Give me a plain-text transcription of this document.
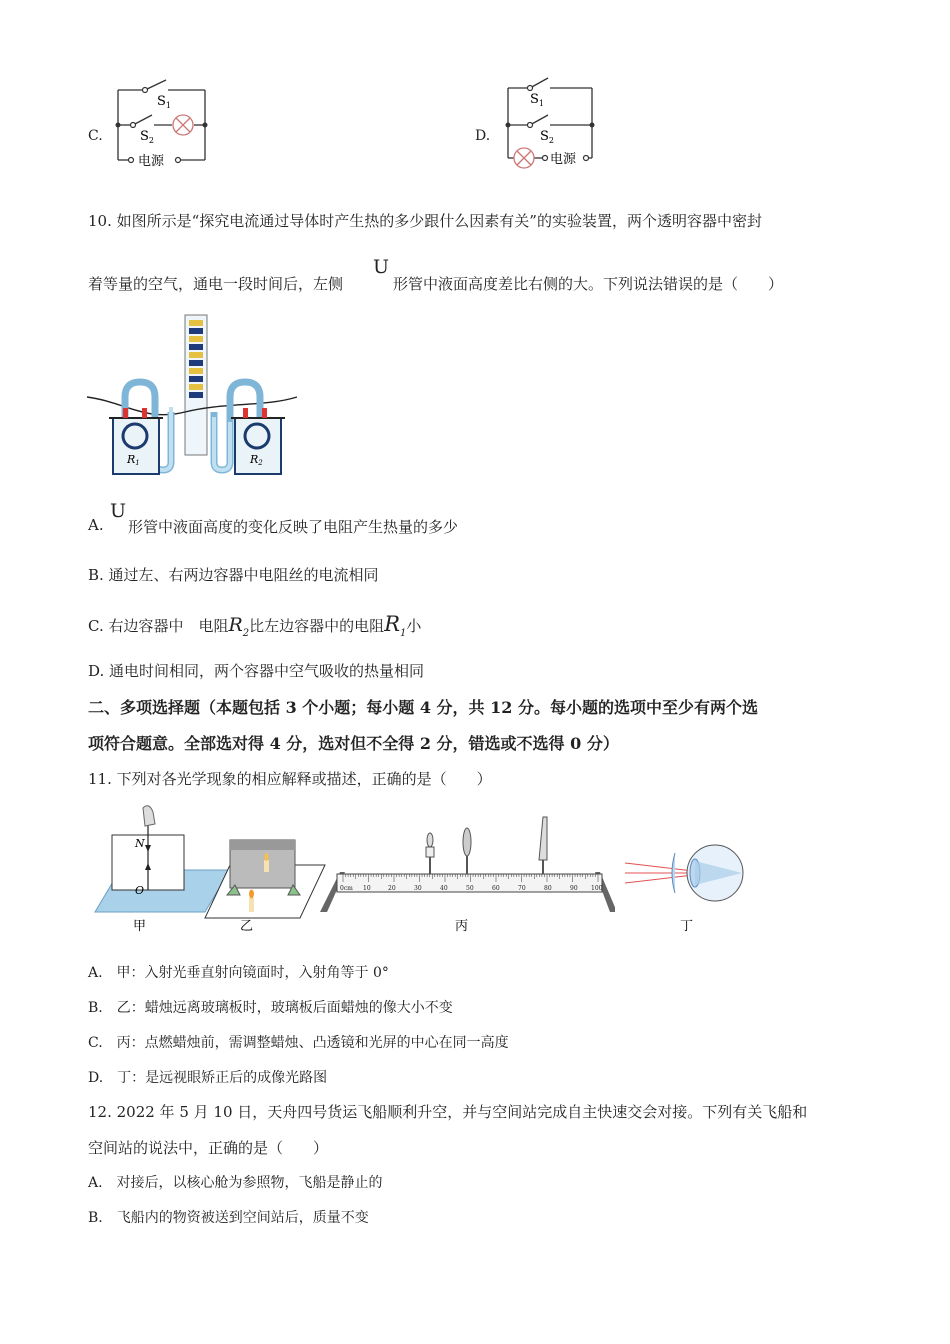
C.
$S_1$
$S_2$
电源
D.
$S_1$
$S_2$
电源
10. 如图所示是“探究电流通过导体时产生热的多少跟什么因素有关”的实验装置，两个透明容器中密封
着等量的空气，通电一段时间后，左侧
U
形管中液面高度差比右侧的大。下列说法错误的是（　　）
R1	R2
A.
U
形管中液面高度的变化反映了电阻产生热量的多少
B. 通过左、右两边容器中电阻丝的电流相同
C. 右边容器中　电阻$R_2$比左边容器中的电阻$R_1$小
D. 通电时间相同，两个容器中空气吸收的热量相同
二、多项选择题（本题包括 3 个小题；每小题 4 分，共 12 分。每小题的选项中至少有两个选
项符合题意。全部选对得 4 分，选对但不全得 2 分，错选或不选得 0 分）
11. 下列对各光学现象的相应解释或描述，正确的是（　　）
N
O
甲	乙
0cm 10	20	30	40	50	60	70	80	90 100
丙	丁
A.　甲：入射光垂直射向镜面时，入射角等于 0°
B.　乙：蜡烛远离玻璃板时，玻璃板后面蜡烛的像大小不变
C.　丙：点燃蜡烛前，需调整蜡烛、凸透镜和光屏的中心在同一高度
D.　丁：是远视眼矫正后的成像光路图
12. 2022 年 5 月 10 日，天舟四号货运飞船顺利升空，并与空间站完成自主快速交会对接。下列有关飞船和
空间站的说法中，正确的是（　　）
A.　对接后，以核心舱为参照物，飞船是静止的
B.　飞船内的物资被送到空间站后，质量不变
